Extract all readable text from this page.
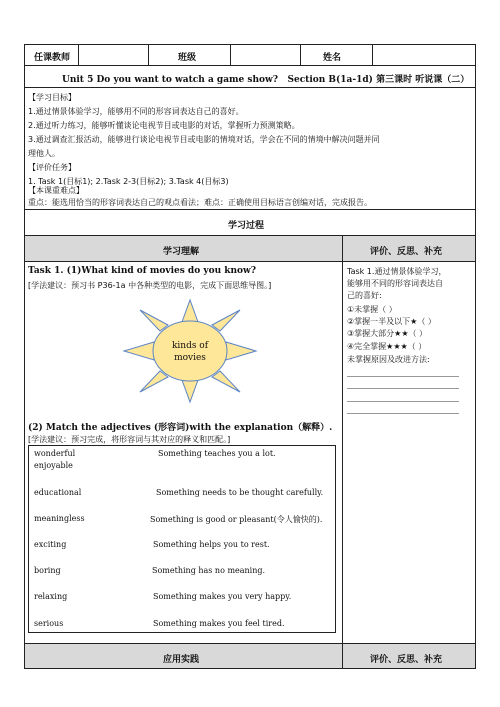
任课教师	班级	姓名
Unit 5 Do you want to watch a game show? Section B(1a-1d) 第三课时 听说课（二）
【学习目标】
1.通过情景体验学习，能够用不同的形容词表达自己的喜好。
2.通过听力练习，能够听懂谈论电视节目或电影的对话，掌握听力预测策略。
3.通过调查汇报活动，能够进行谈论电视节目或电影的情境对话，学会在不同的情境中解决问题并同
理他人。
【评价任务】
1. Task 1(目标1); 2.Task 2-3(目标2); 3.Task 4(目标3)
【本课重难点】
重点：能选用恰当的形容词表达自己的观点看法；难点：正确使用目标语言创编对话，完成报告。
学习过程
学习理解	评价、反思、补充
Task 1. (1)What kind of movies do you know?
[学法建议：预习书 P36-1a 中各种类型的电影，完成下面思维导图。]
kinds of
movies
(2) Match the adjectives (形容词)with the explanation（解释）.
[学法建议：预习完成，将形容词与其对应的释义和匹配。]
wonderful	Something teaches you a lot.
enjoyable
educational	Something needs to be thought carefully.
meaningless	Something is good or pleasant(令人愉快的).
exciting	Something helps you to rest.
boring	Something has no meaning.
relaxing	Something makes you very happy.
serious	Something makes you feel tired.
Task 1.通过情景体验学习，
能够用不同的形容词表达自
己的喜好:
①未掌握（ ）
②掌握一半及以下★（ ）
③掌握大部分★★（ ）
④完全掌握★★★（ ）
未掌握原因及改进方法:
应用实践	评价、反思、补充
